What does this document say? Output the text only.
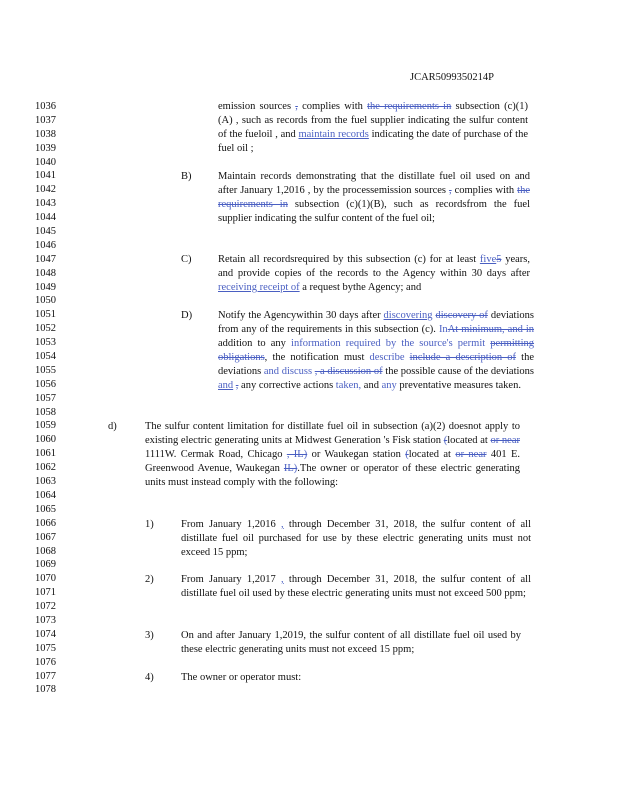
JCAR5099350214P
1036
1037
1038
1039
1040
1041
1042
1043
1044
1045
1046
1047
1048
1049
1050
1051
1052
1053
1054
1055
1056
1057
1058
1059
1060
1061
1062
1063
1064
1065
1066
1067
1068
1069
1070
1071
1072
1073
1074
1075
1076
1077
1078
emission sources , complies with the requirements in subsection (c)(1)(A) , such as records from the fuel supplier indicating the sulfur content of the fueloil , and maintain records indicating the date of purchase of the fuel oil ;
B)	Maintain records demonstrating that the distillate fuel oil used on and after January 1,2016 , by the processemission sources , complies with the requirements in subsection (c)(1)(B), such as recordsfrom the fuel supplier indicating the sulfur content of the fuel oil;
C)	Retain all recordsrequired by this subsection (c) for at least five5 years, and provide copies of the records to the Agency within 30 days after receiving receipt of a request bythe Agency; and
D) Notify the Agencywithin 30 days after discovering discovery of deviations from any of the requirements in this subsection (c). InAt minimum, and in addition to any information required by the source's permit permitting obligations, the notification must describe include a description of the deviations and discuss , a discussion of the possible cause of the deviations and , any corrective actions taken, and any preventative measures taken.
d)	The sulfur content limitation for distillate fuel oil in subsection (a)(2) doesnot apply to existing electric generating units at Midwest Generation 's Fisk station (located at or near 1111W. Cermak Road, Chicago , IL) or Waukegan station (located at or near 401 E. Greenwood Avenue, Waukegan IL).The owner or operator of these electric generating units must instead comply with the following:
1)	From January 1,2016 , through December 31, 2018, the sulfur content of all distillate fuel oil purchased for use by these electric generating units must not exceed 15 ppm;
2)	From January 1,2017 , through December 31, 2018, the sulfur content of all distillate fuel oil used by these electric generating units must not exceed 500 ppm;
3)	On and after January 1,2019, the sulfur content of all distillate fuel oil used by these electric generating units must not exceed 15 ppm;
4)	The owner or operator must:
